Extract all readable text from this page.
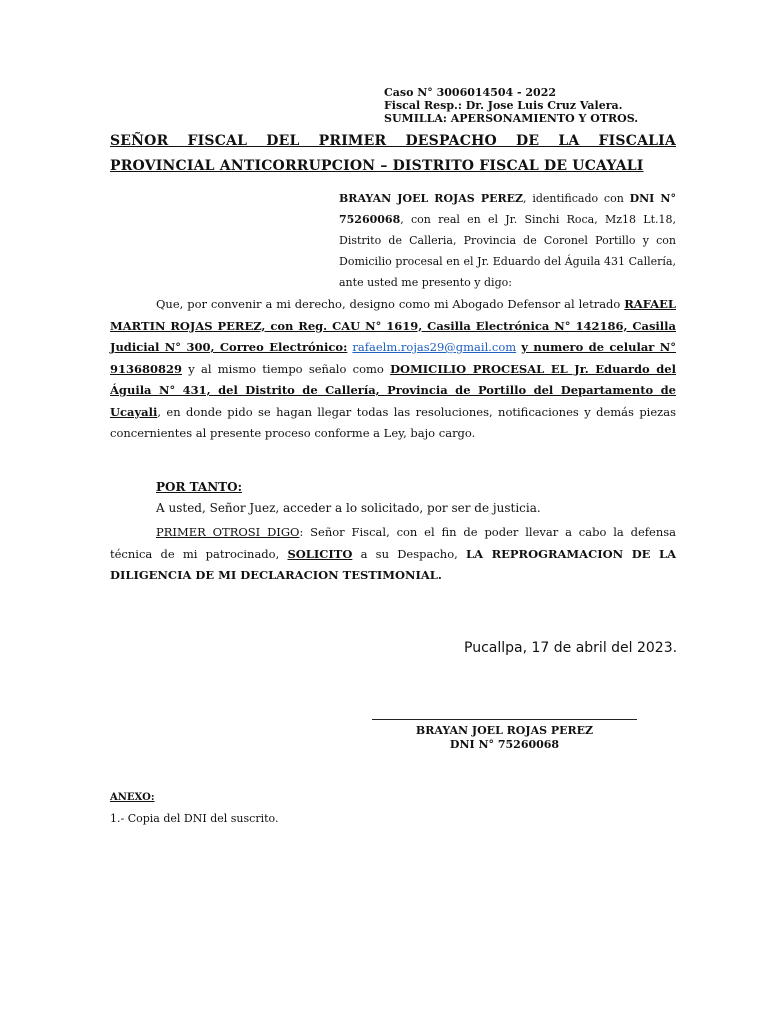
Caso N° 3006014504 - 2022
Fiscal Resp.: Dr. Jose Luis Cruz Valera.
SUMILLA: APERSONAMIENTO Y OTROS.
SEÑOR FISCAL DEL PRIMER DESPACHO DE LA FISCALIA
PROVINCIAL ANTICORRUPCION – DISTRITO FISCAL DE UCAYALI
BRAYAN JOEL ROJAS PEREZ, identificado con DNI N° 75260068, con real en el Jr. Sinchi Roca, Mz18 Lt.18, Distrito de Calleria, Provincia de Coronel Portillo y con Domicilio procesal en el Jr. Eduardo del Águila 431 Callería, ante usted me presento y digo:
Que, por convenir a mi derecho, designo como mi Abogado Defensor al letrado RAFAEL MARTIN ROJAS PEREZ, con Reg. CAU N° 1619, Casilla Electrónica N° 142186, Casilla Judicial N° 300, Correo Electrónico: rafaelm.rojas29@gmail.com y numero de celular N° 913680829 y al mismo tiempo señalo como DOMICILIO PROCESAL EL Jr. Eduardo del Águila N° 431, del Distrito de Callería, Provincia de Portillo del Departamento de Ucayali, en donde pido se hagan llegar todas las resoluciones, notificaciones y demás piezas concernientes al presente proceso conforme a Ley, bajo cargo.
POR TANTO:
A usted, Señor Juez, acceder a lo solicitado, por ser de justicia.
PRIMER OTROSI DIGO: Señor Fiscal, con el fin de poder llevar a cabo la defensa técnica de mi patrocinado, SOLICITO a su Despacho, LA REPROGRAMACION DE LA DILIGENCIA DE MI DECLARACION TESTIMONIAL.
Pucallpa, 17 de abril del 2023.
BRAYAN JOEL ROJAS PEREZ
DNI N° 75260068
ANEXO:
1.- Copia del DNI del suscrito.
